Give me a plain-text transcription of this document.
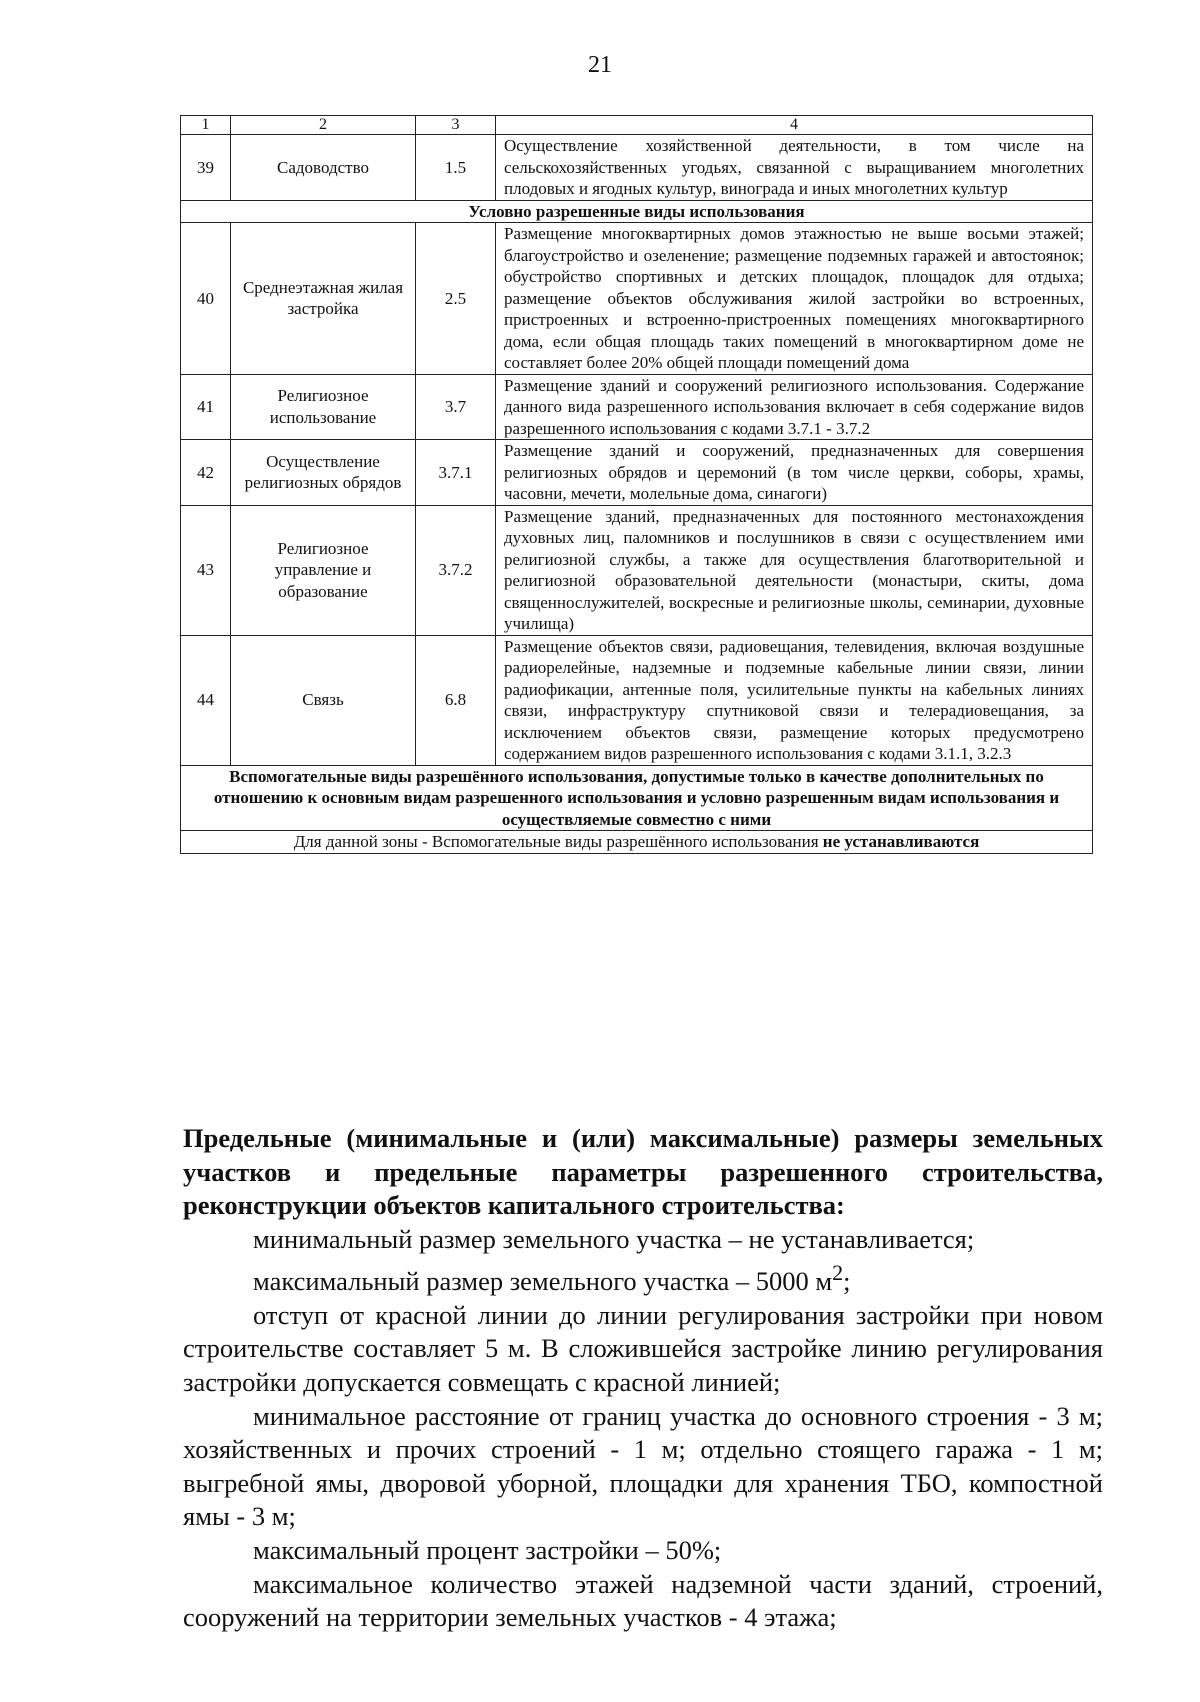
21
1	2	3	4
39	Садоводство	1.5	Осуществление хозяйственной деятельности, в том числе на сельскохозяйственных угодьях, связанной с выращиванием многолетних плодовых и ягодных культур, винограда и иных многолетних культур
Условно разрешенные виды использования			
40	Среднеэтажная жилая застройка	2.5	Размещение многоквартирных домов этажностью не выше восьми этажей; благоустройство и озеленение; размещение подземных гаражей и автостоянок; обустройство спортивных и детских площадок, площадок для отдыха; размещение объектов обслуживания жилой застройки во встроенных, пристроенных и встроенно-пристроенных помещениях многоквартирного дома, если общая площадь таких помещений в многоквартирном доме не составляет более 20% общей площади помещений дома
41	Религиозное использование	3.7	Размещение зданий и сооружений религиозного использования. Содержание данного вида разрешенного использования включает в себя содержание видов разрешенного использования с кодами 3.7.1 - 3.7.2
42	Осуществление религиозных обрядов	3.7.1	Размещение зданий и сооружений, предназначенных для совершения религиозных обрядов и церемоний (в том числе церкви, соборы, храмы, часовни, мечети, молельные дома, синагоги)
43	Религиозное управление и образование	3.7.2	Размещение зданий, предназначенных для постоянного местонахождения духовных лиц, паломников и послушников в связи с осуществлением ими религиозной службы, а также для осуществления благотворительной и религиозной образовательной деятельности (монастыри, скиты, дома священнослужителей, воскресные и религиозные школы, семинарии, духовные училища)
44	Связь	6.8	Размещение объектов связи, радиовещания, телевидения, включая воздушные радиорелейные, надземные и подземные кабельные линии связи, линии радиофикации, антенные поля, усилительные пункты на кабельных линиях связи, инфраструктуру спутниковой связи и телерадиовещания, за исключением объектов связи, размещение которых предусмотрено содержанием видов разрешенного использования с кодами 3.1.1, 3.2.3
Вспомогательные виды разрешённого использования, допустимые только в качестве дополнительных по отношению к основным видам разрешенного использования и условно разрешенным видам использования и осуществляемые совместно с ними			
Для данной зоны - Вспомогательные виды разрешённого использования не устанавливаются			

Предельные (минимальные и (или) максимальные) размеры земельных участков и предельные параметры разрешенного строительства, реконструкции объектов капитального строительства:

минимальный размер земельного участка – не устанавливается;

максимальный размер земельного участка – 5000 $м^2$;

отступ от красной линии до линии регулирования застройки при новом строительстве составляет 5 м. В сложившейся застройке линию регулирования застройки допускается совмещать с красной линией;

минимальное расстояние от границ участка до основного строения - 3 м; хозяйственных и прочих строений - 1 м; отдельно стоящего гаража - 1 м; выгребной ямы, дворовой уборной, площадки для хранения ТБО, компостной ямы - 3 м;

максимальный процент застройки – 50%;

максимальное количество этажей надземной части зданий, строений, сооружений на территории земельных участков - 4 этажа;
